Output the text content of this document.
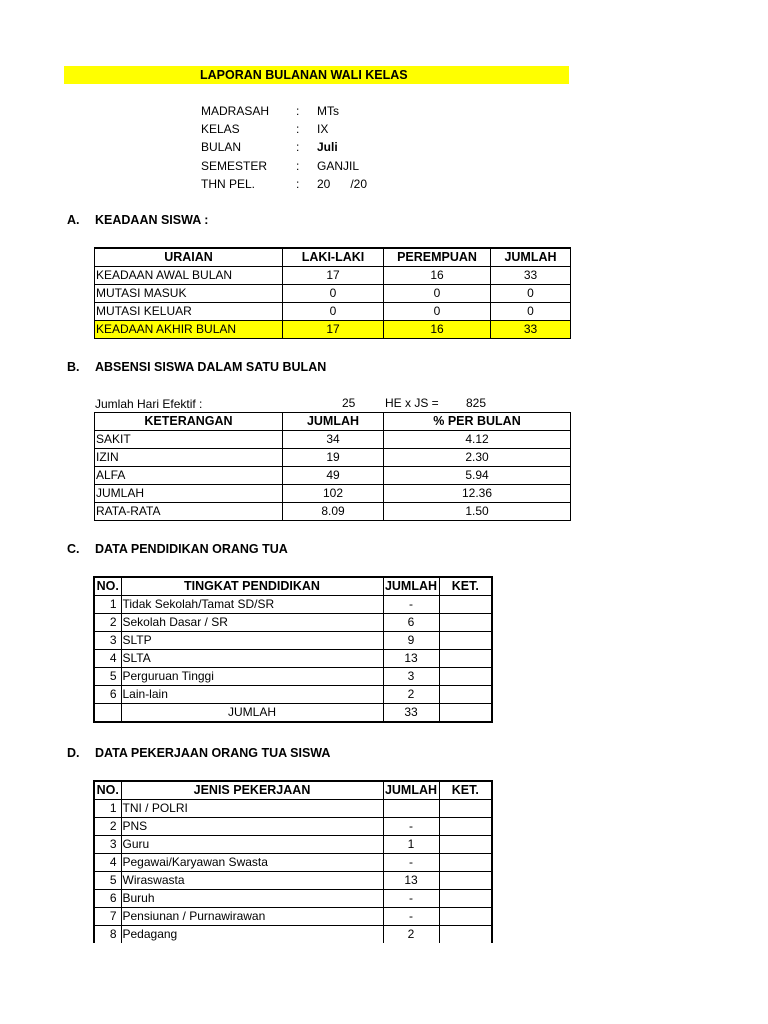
LAPORAN BULANAN WALI KELAS
MADRASAH : MTs
KELAS	: IX
BULAN	: Juli
SEMESTER : GANJIL
THN PEL.	: 20      /20
A. KEADAAN SISWA :
URAIAN	LAKI-LAKI	PEREMPUAN	JUMLAH
KEADAAN AWAL BULAN	17	16	33
MUTASI MASUK	0	0	0
MUTASI KELUAR	0	0	0
KEADAAN AKHIR BULAN	17	16	33
B. ABSENSI SISWA DALAM SATU BULAN
Jumlah Hari Efektif :	25 HE x JS = 825
KETERANGAN	JUMLAH	% PER BULAN
SAKIT	34	4.12
IZIN	19	2.30
ALFA	49	5.94
JUMLAH	102	12.36
RATA-RATA	8.09	1.50
C. DATA PENDIDIKAN ORANG TUA
NO.	TINGKAT PENDIDIKAN	JUMLAH	KET.
1	Tidak Sekolah/Tamat SD/SR	-	
2	Sekolah Dasar / SR	6	
3	SLTP	9	
4	SLTA	13	
5	Perguruan Tinggi	3	
6	Lain-lain	2	
	JUMLAH	33	
D. DATA PEKERJAAN ORANG TUA SISWA
NO.	JENIS PEKERJAAN	JUMLAH	KET.
1	TNI / POLRI		
2	PNS	-	
3	Guru	1	
4	Pegawai/Karyawan Swasta	-	
5	Wiraswasta	13	
6	Buruh	-	
7	Pensiunan / Purnawirawan	-	
8	Pedagang	2	
